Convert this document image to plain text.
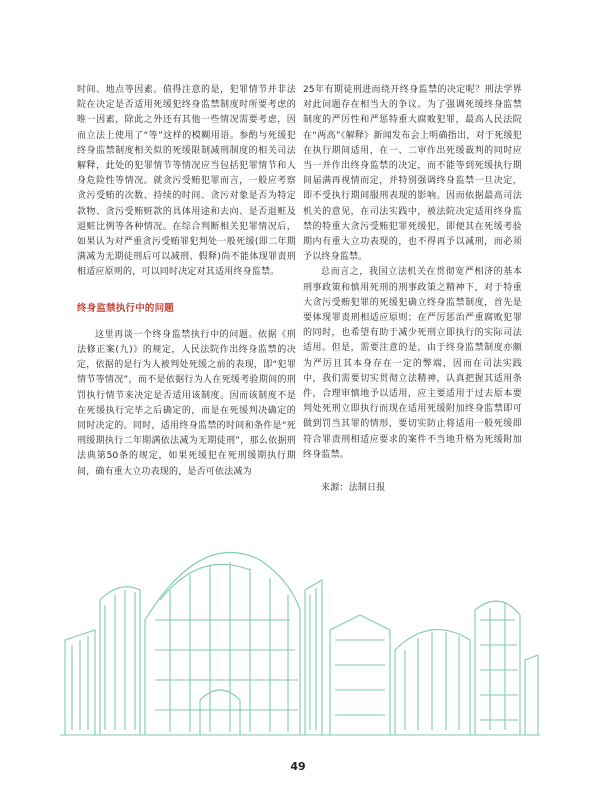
时间、地点等因素。值得注意的是，犯罪情节并非法院在决定是否适用死缓犯终身监禁制度时所要考虑的唯一因素，除此之外还有其他一些情况需要考虑，因而立法上使用了“等”这样的模糊用语。参酌与死缓犯终身监禁制度相关似的死缓限制减刑制度的相关司法解释，此处的犯罪情节等情况应当包括犯罪情节和人身危险性等情况。就贪污受贿犯罪而言，一般应考察贪污受贿的次数、持续的时间、贪污对象是否为特定款物、贪污受贿赃款的具体用途和去向、是否退赃及退赃比例等各种情况。在综合判断相关犯罪情况后，如果认为对严重贪污受贿罪犯判处一般死缓(即二年期满减为无期徒刑后可以减刑、假释)尚不能体现罪责刑相适应原则的，可以同时决定对其适用终身监禁。

终身监禁执行中的问题

这里再谈一个终身监禁执行中的问题。依据《刑法修正案(九)》的规定，人民法院作出终身监禁的决定，依据的是行为人被判处死缓之前的表现，即“犯罪情节等情况”，而不是依据行为人在死缓考验期间的刑罚执行情节来决定是否适用该制度。因而该制度不是在死缓执行完毕之后确定的，而是在死缓判决确定的同时决定的。同时，适用终身监禁的时间和条件是“死刑缓期执行二年期满依法减为无期徒刑”，那么依据刑法典第50条的规定，如果死缓犯在死刑缓期执行期间，确有重大立功表现的，是否可依法减为

25年有期徒刑进而绕开终身监禁的决定呢？刑法学界对此问题存在相当大的争议。为了强调死缓终身监禁制度的严厉性和严惩特重大腐败犯罪，最高人民法院在“两高”《解释》新闻发布会上明确指出，对于死缓犯在执行期间适用，在一、二审作出死缓裁判的同时应当一并作出终身监禁的决定，而不能等到死缓执行期间届满再视情而定，并特别强调终身监禁一旦决定，即不受执行期间服刑表现的影响。因而依据最高司法机关的意见，在司法实践中，被法院决定适用终身监禁的特重大贪污受贿犯罪死缓犯，即便其在死缓考验期内有重大立功表现的，也不得再予以减刑，而必须予以终身监禁。

总而言之，我国立法机关在贯彻宽严相济的基本刑事政策和慎用死刑的刑事政策之精神下，对于特重大贪污受贿犯罪的死缓犯确立终身监禁制度，首先是要体现罪责刑相适应原则；在严厉惩治严重腐败犯罪的同时，也希望有助于减少死刑立即执行的实际司法适用。但是，需要注意的是，由于终身监禁制度亦颇为严厉且其本身存在一定的弊端，因而在司法实践中，我们需要切实贯彻立法精神，认真把握其适用条件，合理审慎地予以适用，应主要适用于过去原本要判处死刑立即执行而现在适用死缓附加终身监禁即可做到罚当其罪的情形，要切实防止将适用一般死缓即符合罪责刑相适应要求的案件不当地升格为死缓附加终身监禁。

来源：法制日报

49
